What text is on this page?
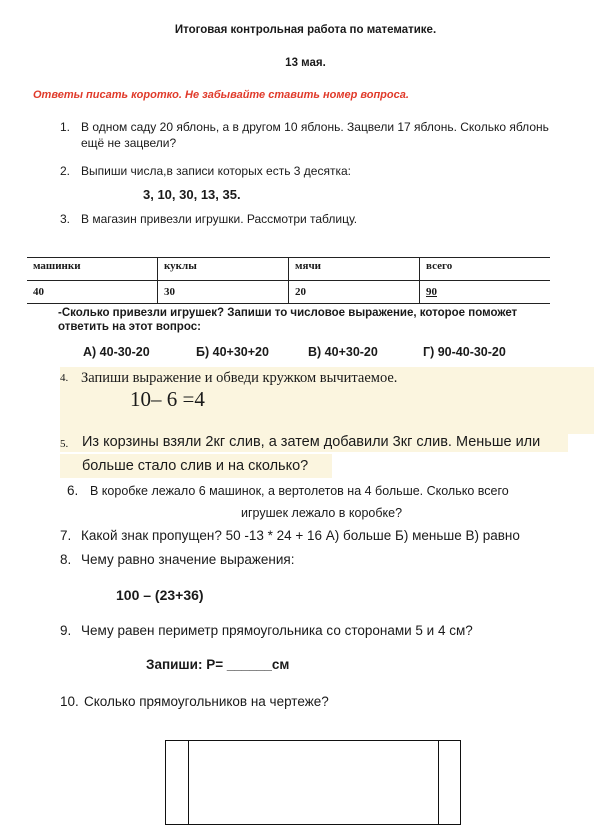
Итоговая контрольная работа по математике.
13 мая.
Ответы писать коротко. Не забывайте ставить номер вопроса.
1. В одном саду 20 яблонь, а в другом 10 яблонь. Зацвели 17 яблонь. Сколько яблонь
ещё не зацвели?
2. Выпиши числа,в записи которых есть 3 десятка:
3, 10, 30, 13, 35.
3. В магазин привезли игрушки. Рассмотри таблицу.
машинки	куклы	мячи	всего
40	30	20	90
-Сколько привезли игрушек? Запиши то числовое выражение, которое поможет
ответить на этот вопрос:
А) 40-30-20	Б) 40+30+20	В) 40+30-20	Г) 90-40-30-20
4. Запиши выражение и обведи кружком вычитаемое.
10– 6 =4
5. Из корзины взяли 2кг слив, а затем добавили 3кг слив. Меньше или
больше стало слив и на сколько?
6. В коробке лежало 6 машинок, а вертолетов на 4 больше. Сколько всего
игрушек лежало в коробке?
7. Какой знак пропущен? 50 -13 * 24 + 16 А) больше Б) меньше В) равно
8. Чему равно значение выражения:
100 – (23+36)
9. Чему равен периметр прямоугольника со сторонами 5 и 4 см?
Запиши: Р= ______см
10. Сколько прямоугольников на чертеже?
